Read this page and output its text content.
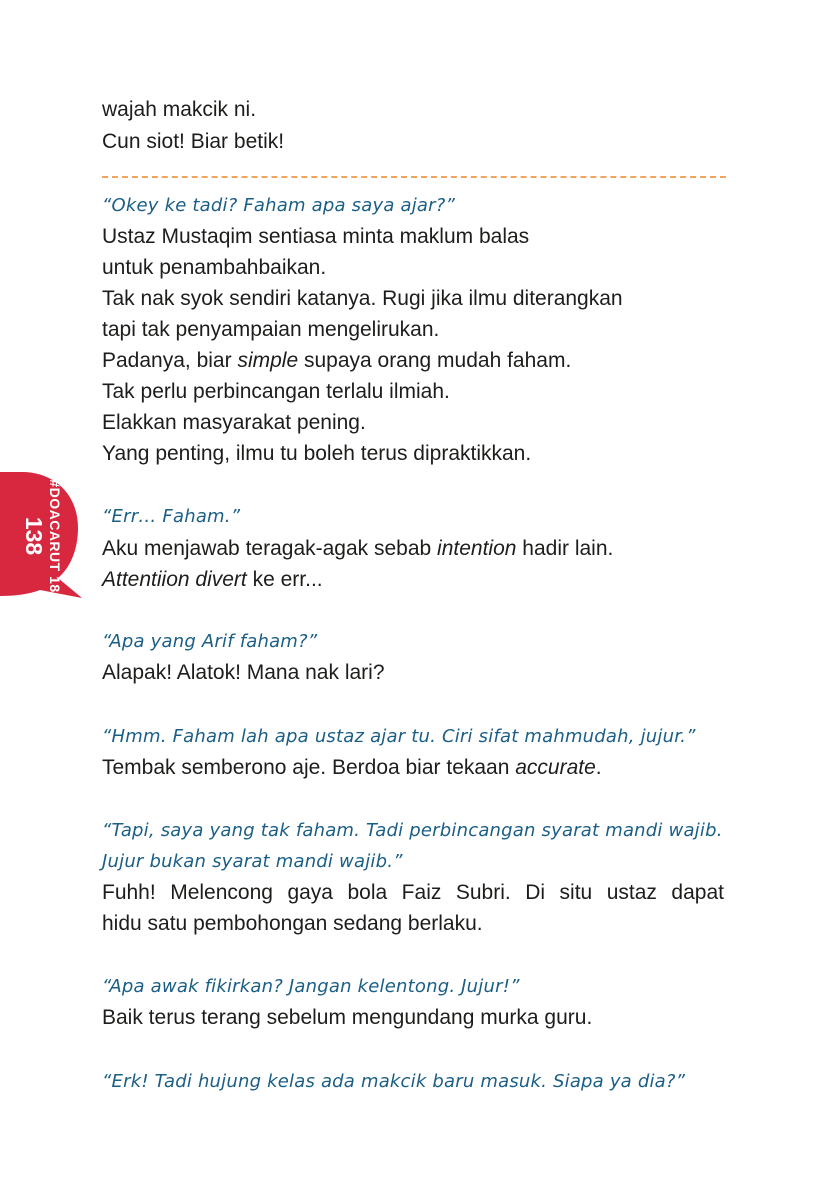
wajah makcik ni.
Cun siot! Biar betik!
“Okey ke tadi? Faham apa saya ajar?”
Ustaz Mustaqim sentiasa minta maklum balas
untuk penambahbaikan.
Tak nak syok sendiri katanya. Rugi jika ilmu diterangkan
tapi tak penyampaian mengelirukan.
Padanya, biar simple supaya orang mudah faham.
Tak perlu perbincangan terlalu ilmiah.
Elakkan masyarakat pening.
Yang penting, ilmu tu boleh terus dipraktikkan.
“Err… Faham.”
Aku menjawab teragak-agak sebab intention hadir lain.
Attentiion divert ke err...
“Apa yang Arif faham?”
Alapak! Alatok! Mana nak lari?
“Hmm. Faham lah apa ustaz ajar tu. Ciri sifat mahmudah, jujur.”
Tembak semberono aje. Berdoa biar tekaan accurate.
“Tapi, saya yang tak faham. Tadi perbincangan syarat mandi wajib.
Jujur bukan syarat mandi wajib.”
Fuhh! Melencong gaya bola Faiz Subri. Di situ ustaz dapat
hidu satu pembohongan sedang berlaku.
“Apa awak fikirkan? Jangan kelentong. Jujur!”
Baik terus terang sebelum mengundang murka guru.
“Erk! Tadi hujung kelas ada makcik baru masuk. Siapa ya dia?”
#DOACARUT 18
138
